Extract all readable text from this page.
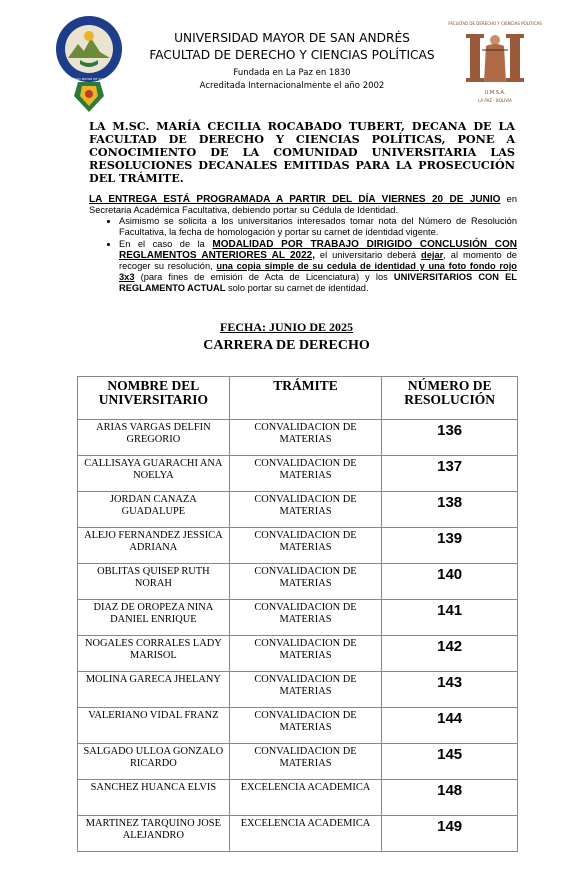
UNIVERSIDAD MAYOR DE SAN ANDRES
FACULTAD DE DERECHO Y CIENCIAS POLITICAS
U.M.S.A.
LA PAZ - BOLIVIA
UNIVERSIDAD MAYOR DE SAN ANDRÉS
FACULTAD DE DERECHO Y CIENCIAS POLÍTICAS
Fundada en La Paz en 1830
Acreditada Internacionalmente el año 2002
LA M.SC. MARÍA CECILIA ROCABADO TUBERT, DECANA DE LA FACULTAD DE DERECHO Y CIENCIAS POLÍTICAS, PONE A CONOCIMIENTO DE LA COMUNIDAD UNIVERSITARIA LAS RESOLUCIONES DECANALES EMITIDAS PARA LA PROSECUCIÓN DEL TRÁMITE.

LA ENTREGA ESTÁ PROGRAMADA A PARTIR DEL DÍA VIERNES 20 DE JUNIO en Secretaria Académica Facultativa, debiendo portar su Cédula de Identidad.

• Asimismo se solicita a los universitarios interesados tomar nota del Número de Resolución Facultativa, la fecha de homologación y portar su carnet de identidad vigente.
• En el caso de la MODALIDAD POR TRABAJO DIRIGIDO CONCLUSIÓN CON REGLAMENTOS ANTERIORES AL 2022, el universitario deberá dejar, al momento de recoger su resolución, una copia simple de su cedula de identidad y una foto fondo rojo 3x3 (para fines de emisión de Acta de Licenciatura) y los UNIVERSITARIOS CON EL REGLAMENTO ACTUAL solo portar su carnet de identidad.
FECHA: JUNIO DE 2025
CARRERA DE DERECHO
NOMBRE DEL UNIVERSITARIO	TRÁMITE	NÚMERO DE RESOLUCIÓN
ARIAS VARGAS DELFIN GREGORIO	CONVALIDACION DE MATERIAS	136
CALLISAYA GUARACHI ANA NOELYA	CONVALIDACION DE MATERIAS	137
JORDAN CANAZA GUADALUPE	CONVALIDACION DE MATERIAS	138
ALEJO FERNANDEZ JESSICA ADRIANA	CONVALIDACION DE MATERIAS	139
OBLITAS QUISEP RUTH NORAH	CONVALIDACION DE MATERIAS	140
DIAZ DE OROPEZA NINA DANIEL ENRIQUE	CONVALIDACION DE MATERIAS	141
NOGALES CORRALES LADY MARISOL	CONVALIDACION DE MATERIAS	142
MOLINA GARECA JHELANY	CONVALIDACION DE MATERIAS	143
VALERIANO VIDAL FRANZ	CONVALIDACION DE MATERIAS	144
SALGADO ULLOA GONZALO RICARDO	CONVALIDACION DE MATERIAS	145
SANCHEZ HUANCA ELVIS	EXCELENCIA ACADEMICA	148
MARTINEZ TARQUINO JOSE ALEJANDRO	EXCELENCIA ACADEMICA	149
